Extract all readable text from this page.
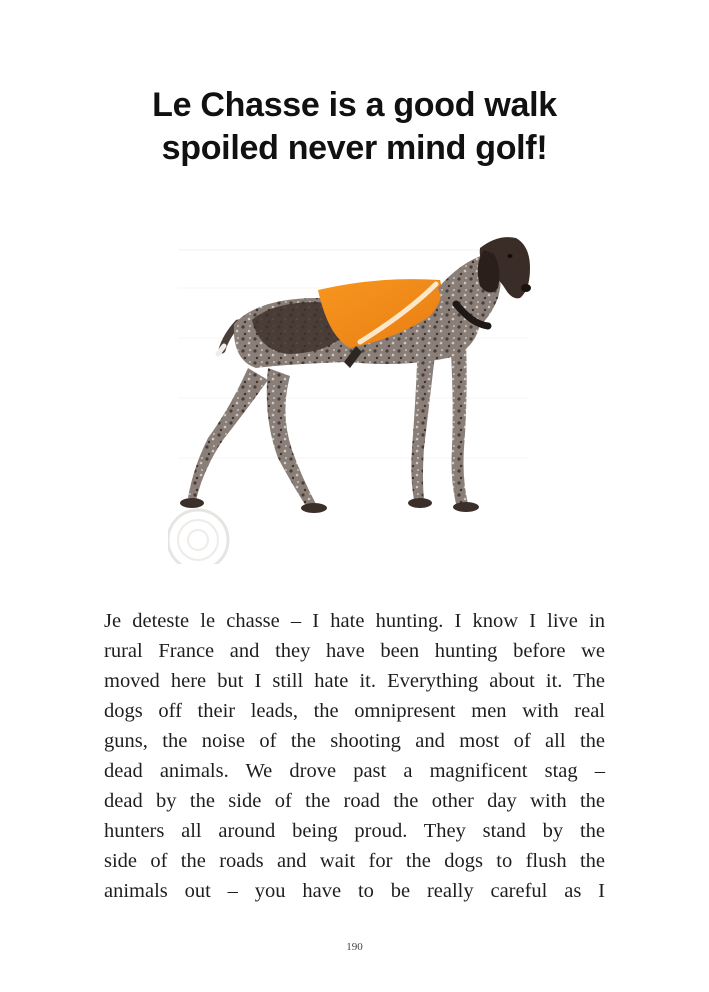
Le Chasse is a good walk
spoiled never mind golf!
Je deteste le chasse – I hate hunting. I know I live in
rural France and they have been hunting before we
moved here but I still hate it. Everything about it. The
dogs off their leads, the omnipresent men with real
guns, the noise of the shooting and most of all the
dead animals. We drove past a magnificent stag –
dead by the side of the road the other day with the
hunters all around being proud. They stand by the
side of the roads and wait for the dogs to flush the
animals out – you have to be really careful as I
190
